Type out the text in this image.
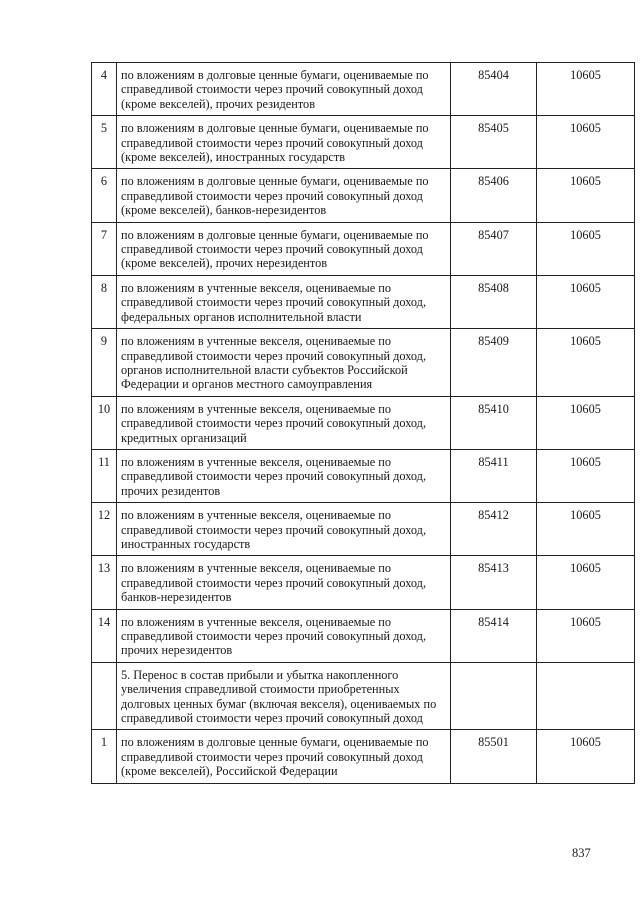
4	по вложениям в долговые ценные бумаги, оцениваемые по справедливой стоимости через прочий совокупный доход (кроме векселей), прочих резидентов	85404	10605
5	по вложениям в долговые ценные бумаги, оцениваемые по справедливой стоимости через прочий совокупный доход (кроме векселей), иностранных государств	85405	10605
6	по вложениям в долговые ценные бумаги, оцениваемые по справедливой стоимости через прочий совокупный доход (кроме векселей), банков-нерезидентов	85406	10605
7	по вложениям в долговые ценные бумаги, оцениваемые по справедливой стоимости через прочий совокупный доход (кроме векселей), прочих нерезидентов	85407	10605
8	по вложениям в учтенные векселя, оцениваемые по справедливой стоимости через прочий совокупный доход, федеральных органов исполнительной власти	85408	10605
9	по вложениям в учтенные векселя, оцениваемые по справедливой стоимости через прочий совокупный доход, органов исполнительной власти субъектов Российской Федерации и органов местного самоуправления	85409	10605
10	по вложениям в учтенные векселя, оцениваемые по справедливой стоимости через прочий совокупный доход, кредитных организаций	85410	10605
11	по вложениям в учтенные векселя, оцениваемые по справедливой стоимости через прочий совокупный доход, прочих резидентов	85411	10605
12	по вложениям в учтенные векселя, оцениваемые по справедливой стоимости через прочий совокупный доход, иностранных государств	85412	10605
13	по вложениям в учтенные векселя, оцениваемые по справедливой стоимости через прочий совокупный доход, банков-нерезидентов	85413	10605
14	по вложениям в учтенные векселя, оцениваемые по справедливой стоимости через прочий совокупный доход, прочих нерезидентов	85414	10605
	5. Перенос в состав прибыли и убытка накопленного увеличения справедливой стоимости приобретенных долговых ценных бумаг (включая векселя), оцениваемых по справедливой стоимости через прочий совокупный доход		
1	по вложениям в долговые ценные бумаги, оцениваемые по справедливой стоимости через прочий совокупный доход (кроме векселей), Российской Федерации	85501	10605
837
